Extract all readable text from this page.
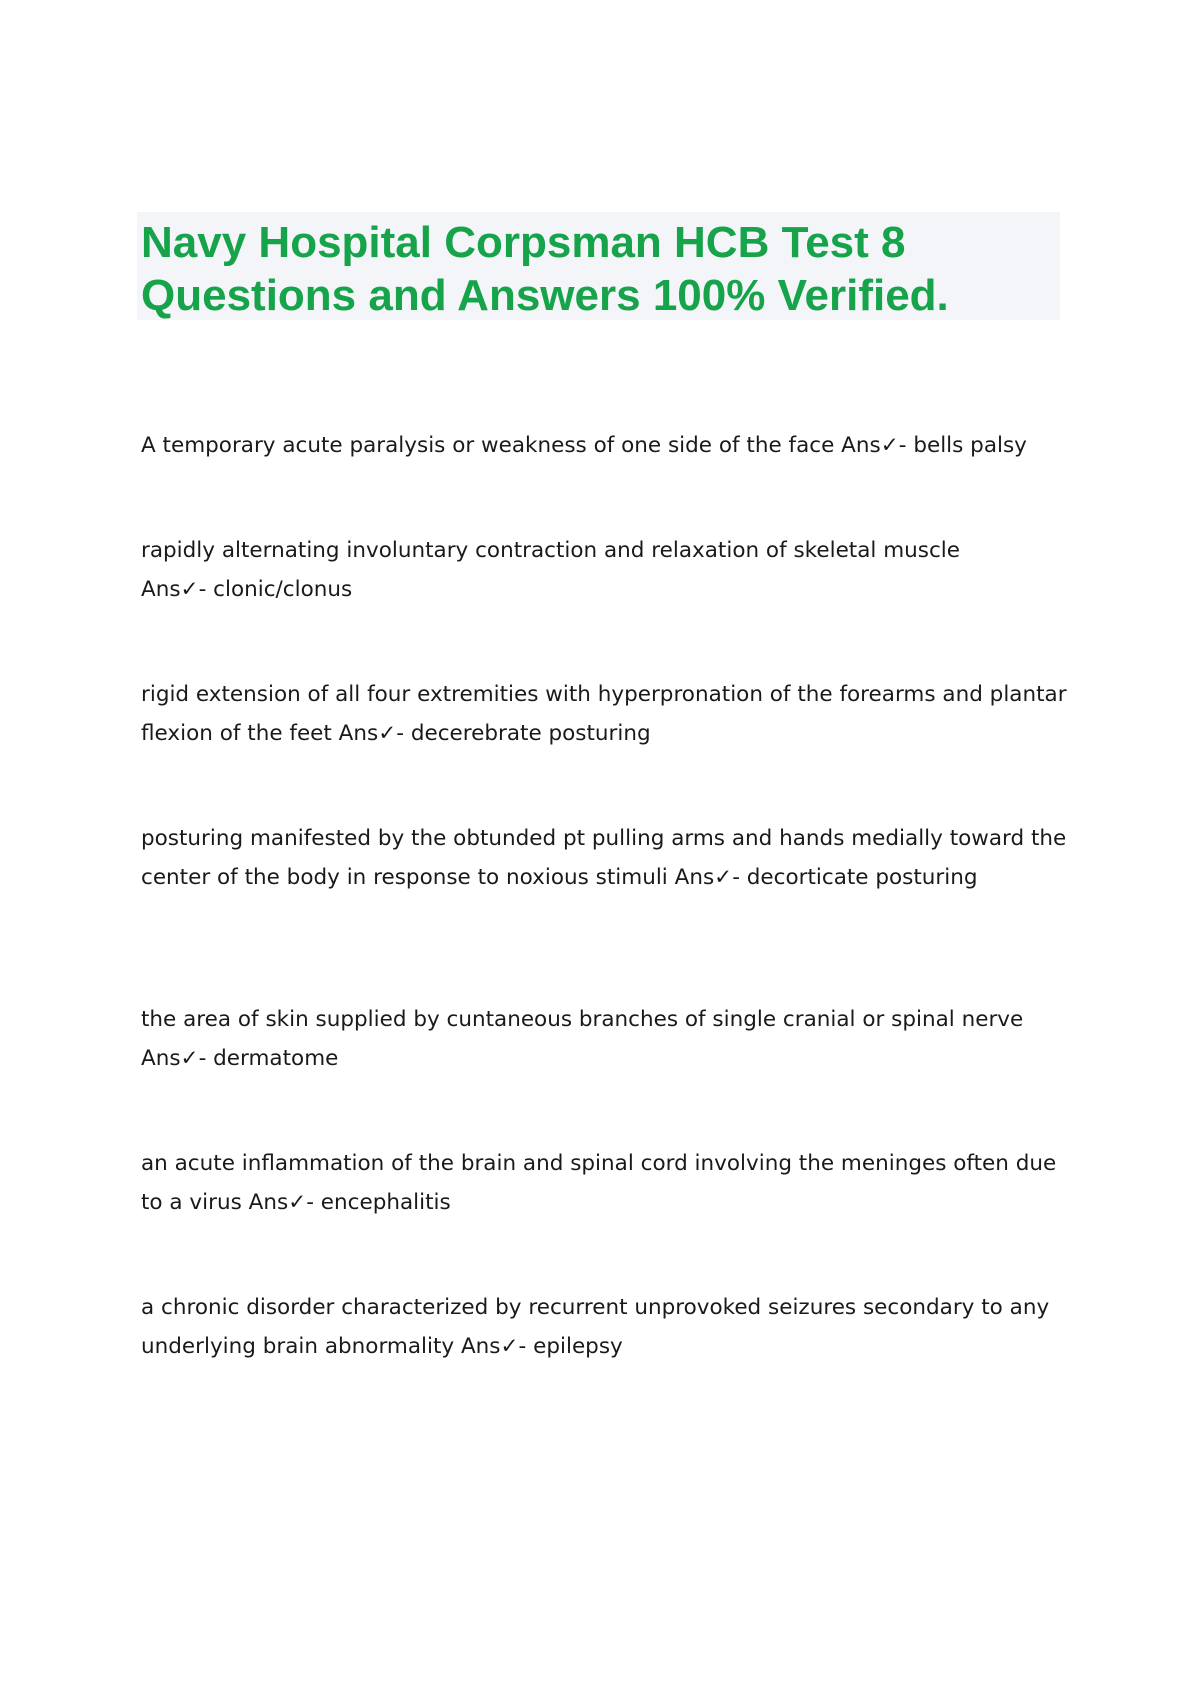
Navy Hospital Corpsman HCB Test 8
Questions and Answers 100% Verified.
A temporary acute paralysis or weakness of one side of the face Ans✓- bells palsy
rapidly alternating involuntary contraction and relaxation of skeletal muscle Ans✓- clonic/clonus
rigid extension of all four extremities with hyperpronation of the forearms and plantar flexion of the feet Ans✓- decerebrate posturing
posturing manifested by the obtunded pt pulling arms and hands medially toward the center of the body in response to noxious stimuli Ans✓- decorticate posturing
the area of skin supplied by cuntaneous branches of single cranial or spinal nerve Ans✓- dermatome
an acute inflammation of the brain and spinal cord involving the meninges often due to a virus Ans✓- encephalitis
a chronic disorder characterized by recurrent unprovoked seizures secondary to any underlying brain abnormality Ans✓- epilepsy
